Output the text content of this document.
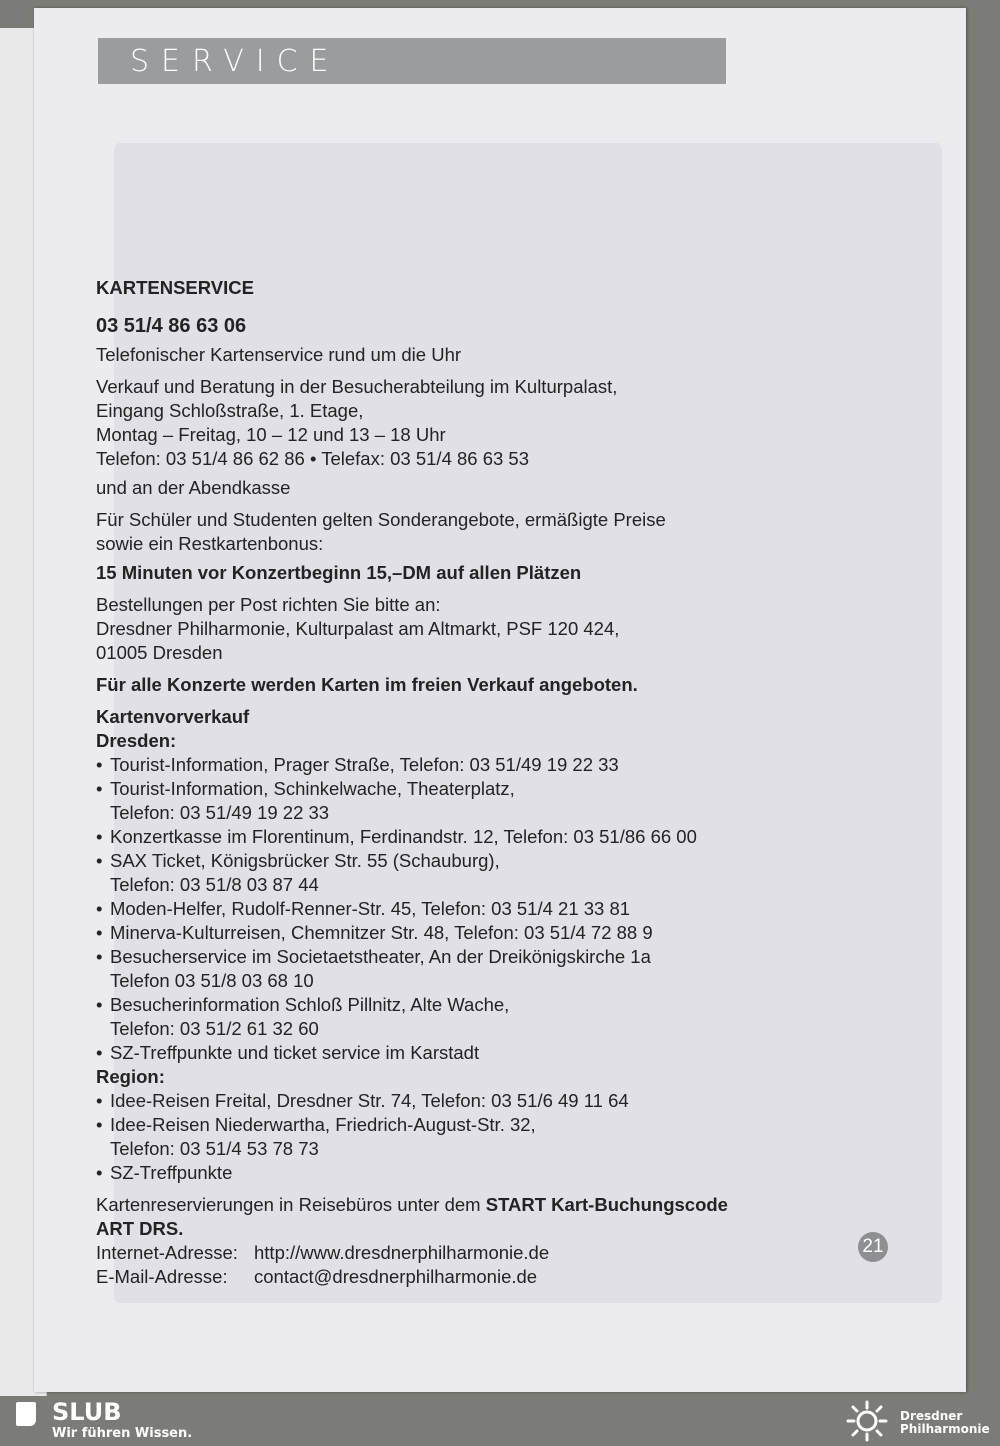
SERVICE
KARTENSERVICE
03 51/4 86 63 06
Telefonischer Kartenservice rund um die Uhr
Verkauf und Beratung in der Besucherabteilung im Kulturpalast,
Eingang Schloßstraße, 1. Etage,
Montag – Freitag, 10 – 12 und 13 – 18 Uhr
Telefon: 03 51/4 86 62 86 • Telefax: 03 51/4 86 63 53
und an der Abendkasse
Für Schüler und Studenten gelten Sonderangebote, ermäßigte Preise
sowie ein Restkartenbonus:
15 Minuten vor Konzertbeginn 15,–DM auf allen Plätzen
Bestellungen per Post richten Sie bitte an:
Dresdner Philharmonie, Kulturpalast am Altmarkt, PSF 120 424,
01005 Dresden
Für alle Konzerte werden Karten im freien Verkauf angeboten.
Kartenvorverkauf
Dresden:
• Tourist-Information, Prager Straße, Telefon: 03 51/49 19 22 33
• Tourist-Information, Schinkelwache, Theaterplatz,
Telefon: 03 51/49 19 22 33
• Konzertkasse im Florentinum, Ferdinandstr. 12, Telefon: 03 51/86 66 00
• SAX Ticket, Königsbrücker Str. 55 (Schauburg),
Telefon: 03 51/8 03 87 44
• Moden-Helfer, Rudolf-Renner-Str. 45, Telefon: 03 51/4 21 33 81
• Minerva-Kulturreisen, Chemnitzer Str. 48, Telefon: 03 51/4 72 88 9
• Besucherservice im Societaetstheater, An der Dreikönigskirche 1a
Telefon 03 51/8 03 68 10
• Besucherinformation Schloß Pillnitz, Alte Wache,
Telefon: 03 51/2 61 32 60
• SZ-Treffpunkte und ticket service im Karstadt
Region:
• Idee-Reisen Freital, Dresdner Str. 74, Telefon: 03 51/6 49 11 64
• Idee-Reisen Niederwartha, Friedrich-August-Str. 32,
Telefon: 03 51/4 53 78 73
• SZ-Treffpunkte
Kartenreservierungen in Reisebüros unter dem START Kart-Buchungscode
ART DRS.
Internet-Adresse: http://www.dresdnerphilharmonie.de
E-Mail-Adresse:	contact@dresdnerphilharmonie.de
21
SLUB
Wir führen Wissen.
Dresdner
Philharmonie
